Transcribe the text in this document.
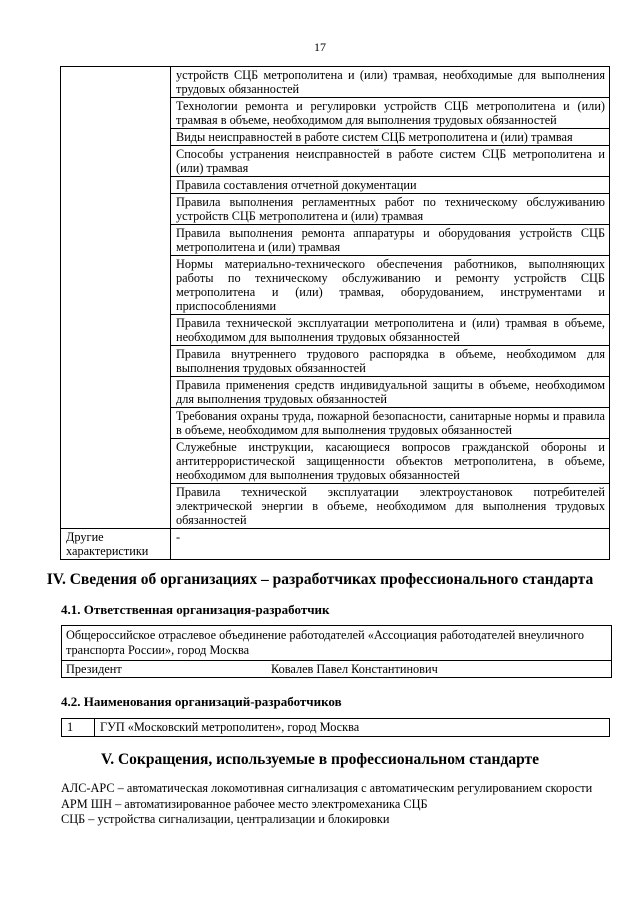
17
	устройств СЦБ метрополитена и (или) трамвая, необходимые для выполнения трудовых обязанностей
	Технологии ремонта и регулировки устройств СЦБ метрополитена и (или) трамвая в объеме, необходимом для выполнения трудовых обязанностей
	Виды неисправностей в работе систем СЦБ метрополитена и (или) трамвая
	Способы устранения неисправностей в работе систем СЦБ метрополитена и (или) трамвая
	Правила составления отчетной документации
	Правила выполнения регламентных работ по техническому обслуживанию устройств СЦБ метрополитена и (или) трамвая
	Правила выполнения ремонта аппаратуры и оборудования устройств СЦБ метрополитена и (или) трамвая
	Нормы материально-технического обеспечения работников, выполняющих работы по техническому обслуживанию и ремонту устройств СЦБ метрополитена и (или) трамвая, оборудованием, инструментами и приспособлениями
	Правила технической эксплуатации метрополитена и (или) трамвая в объеме, необходимом для выполнения трудовых обязанностей
	Правила внутреннего трудового распорядка в объеме, необходимом для выполнения трудовых обязанностей
	Правила применения средств индивидуальной защиты в объеме, необходимом для выполнения трудовых обязанностей
	Требования охраны труда, пожарной безопасности, санитарные нормы и правила в объеме, необходимом для выполнения трудовых обязанностей
	Служебные инструкции, касающиеся вопросов гражданской обороны и антитеррористической защищенности объектов метрополитена, в объеме, необходимом для выполнения трудовых обязанностей
	Правила технической эксплуатации электроустановок потребителей электрической энергии в объеме, необходимом для выполнения трудовых обязанностей
Другие характеристики	-
IV. Сведения об организациях – разработчиках профессионального стандарта
4.1. Ответственная организация-разработчик
Общероссийское отраслевое объединение работодателей «Ассоциация работодателей внеуличного транспорта России», город Москва
Президент	Ковалев Павел Константинович
4.2. Наименования организаций-разработчиков
1	ГУП «Московский метрополитен», город Москва
V. Сокращения, используемые в профессиональном стандарте
АЛС-АРС – автоматическая локомотивная сигнализация с автоматическим регулированием скорости
АРМ ШН – автоматизированное рабочее место электромеханика СЦБ
СЦБ – устройства сигнализации, централизации и блокировки
